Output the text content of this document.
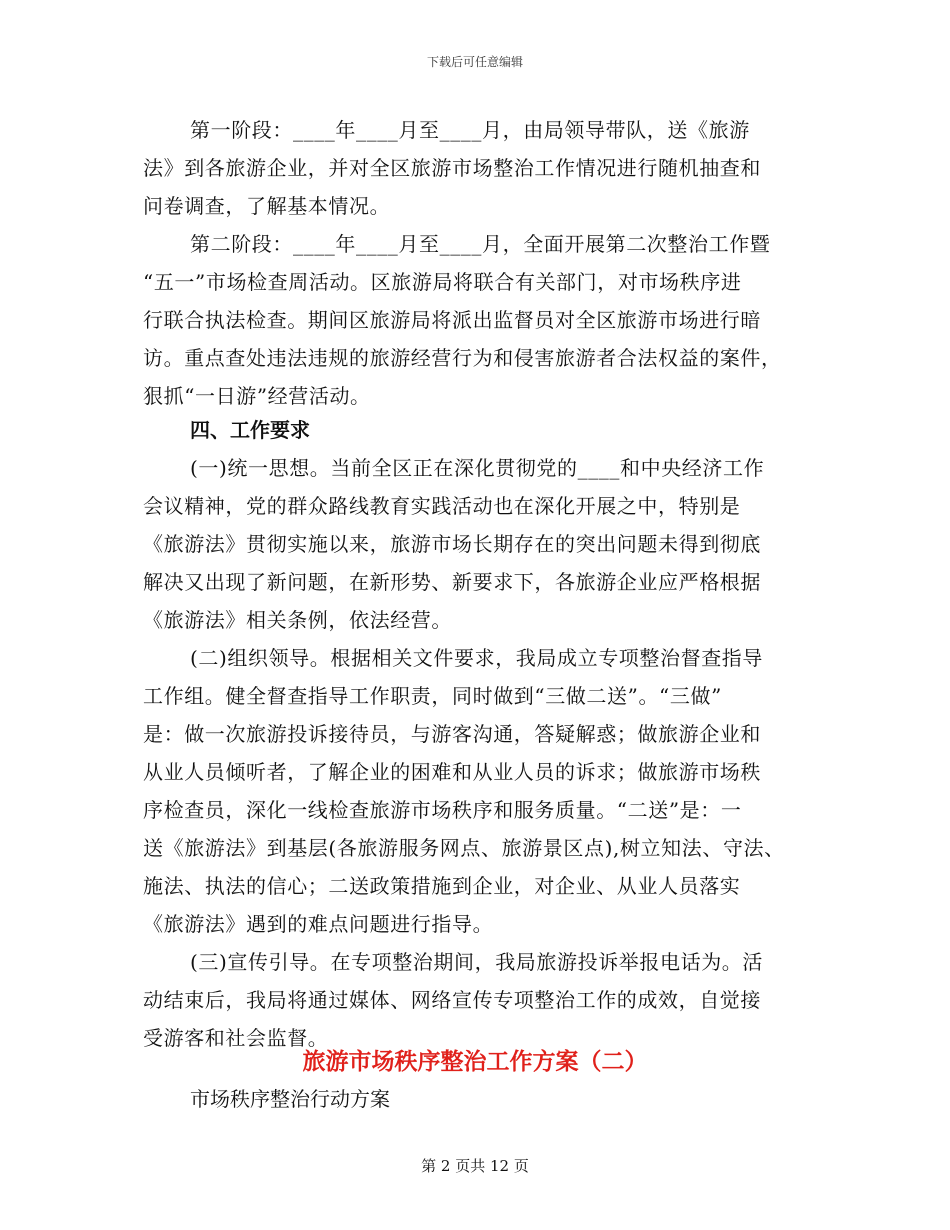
下载后可任意编辑
第一阶段：____年____月至____月，由局领导带队，送《旅游
法》到各旅游企业，并对全区旅游市场整治工作情况进行随机抽查和
问卷调查，了解基本情况。
第二阶段：____年____月至____月，全面开展第二次整治工作暨
“五一”市场检查周活动。区旅游局将联合有关部门，对市场秩序进
行联合执法检查。期间区旅游局将派出监督员对全区旅游市场进行暗
访。重点查处违法违规的旅游经营行为和侵害旅游者合法权益的案件，
狠抓“一日游”经营活动。
四、工作要求
(一)统一思想。当前全区正在深化贯彻党的____和中央经济工作
会议精神，党的群众路线教育实践活动也在深化开展之中，特别是
《旅游法》贯彻实施以来，旅游市场长期存在的突出问题未得到彻底
解决又出现了新问题，在新形势、新要求下，各旅游企业应严格根据
《旅游法》相关条例，依法经营。
(二)组织领导。根据相关文件要求，我局成立专项整治督查指导
工作组。健全督查指导工作职责，同时做到“三做二送”。“三做”
是：做一次旅游投诉接待员，与游客沟通，答疑解惑；做旅游企业和
从业人员倾听者，了解企业的困难和从业人员的诉求；做旅游市场秩
序检查员，深化一线检查旅游市场秩序和服务质量。“二送”是：一
送《旅游法》到基层(各旅游服务网点、旅游景区点),树立知法、守法、
施法、执法的信心；二送政策措施到企业，对企业、从业人员落实
《旅游法》遇到的难点问题进行指导。
(三)宣传引导。在专项整治期间，我局旅游投诉举报电话为。活
动结束后，我局将通过媒体、网络宣传专项整治工作的成效，自觉接
受游客和社会监督。
旅游市场秩序整治工作方案（二）
市场秩序整治行动方案
第 2 页共 12 页
